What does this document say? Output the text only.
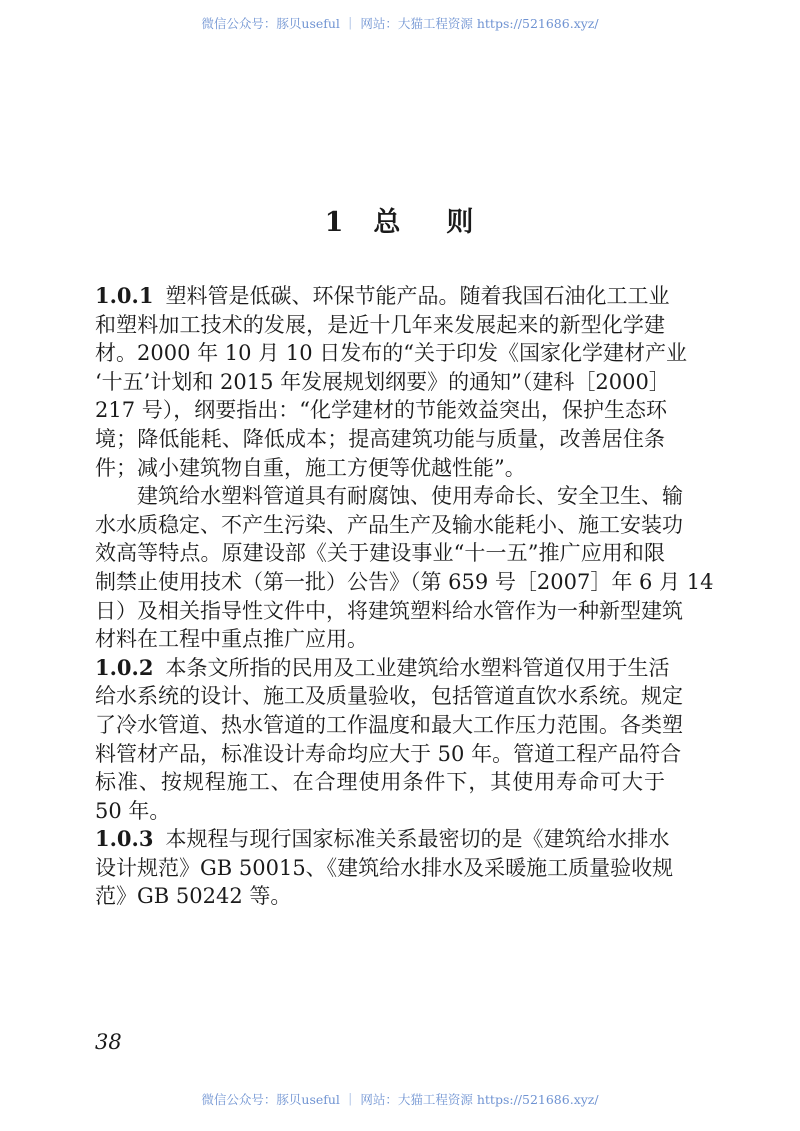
微信公众号：豚贝useful ｜ 网站：大猫工程资源 https://521686.xyz/
1 总 则
1.0.1 塑料管是低碳、环保节能产品。随着我国石油化工工业
和塑料加工技术的发展，是近十几年来发展起来的新型化学建
材。2000 年 10 月 10 日发布的“关于印发《国家化学建材产业
‘十五’计划和 2015 年发展规划纲要》的通知”（建科［2000］
217 号），纲要指出：“化学建材的节能效益突出，保护生态环
境；降低能耗、降低成本；提高建筑功能与质量，改善居住条
件；减小建筑物自重，施工方便等优越性能”。
建筑给水塑料管道具有耐腐蚀、使用寿命长、安全卫生、输
水水质稳定、不产生污染、产品生产及输水能耗小、施工安装功
效高等特点。原建设部《关于建设事业“十一五”推广应用和限
制禁止使用技术（第一批）公告》（第 659 号［2007］年 6 月 14
日）及相关指导性文件中，将建筑塑料给水管作为一种新型建筑
材料在工程中重点推广应用。
1.0.2 本条文所指的民用及工业建筑给水塑料管道仅用于生活
给水系统的设计、施工及质量验收，包括管道直饮水系统。规定
了冷水管道、热水管道的工作温度和最大工作压力范围。各类塑
料管材产品，标准设计寿命均应大于 50 年。管道工程产品符合
标准、按规程施工、在合理使用条件下，其使用寿命可大于
50 年。
1.0.3 本规程与现行国家标准关系最密切的是《建筑给水排水
设计规范》GB 50015、《建筑给水排水及采暖施工质量验收规
范》GB 50242 等。
38
微信公众号：豚贝useful ｜ 网站：大猫工程资源 https://521686.xyz/
